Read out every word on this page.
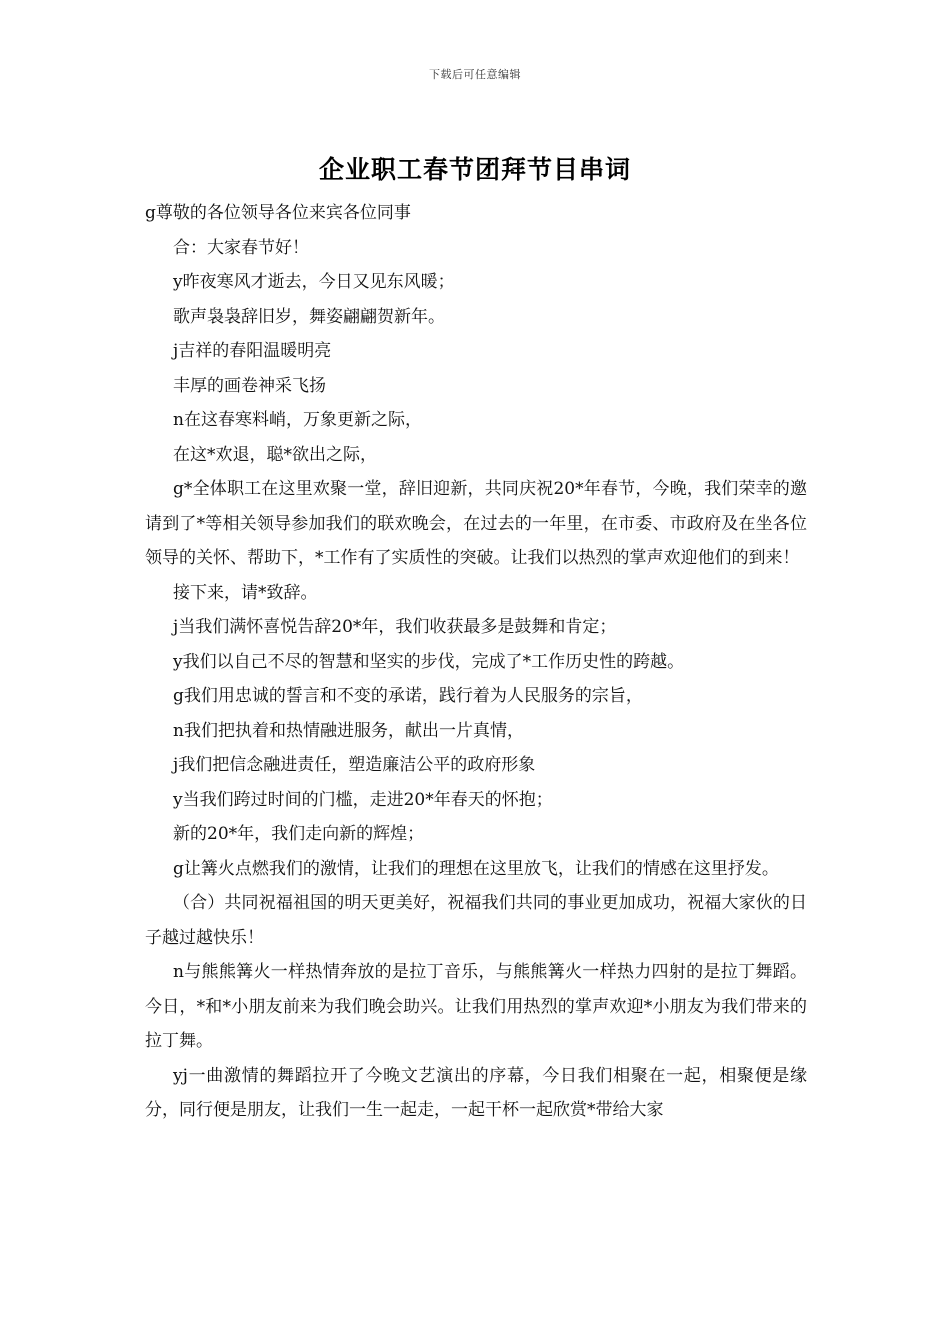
下载后可任意编辑
企业职工春节团拜节目串词

g尊敬的各位领导各位来宾各位同事

合：大家春节好！

y昨夜寒风才逝去，今日又见东风暖；

歌声袅袅辞旧岁，舞姿翩翩贺新年。

j吉祥的春阳温暖明亮

丰厚的画卷神采飞扬

n在这春寒料峭，万象更新之际，

在这*欢退，聪*欲出之际，

g*全体职工在这里欢聚一堂，辞旧迎新，共同庆祝20*年春节，今晚，我们荣幸的邀请到了*等相关领导参加我们的联欢晚会，在过去的一年里，在市委、市政府及在坐各位领导的关怀、帮助下，*工作有了实质性的突破。让我们以热烈的掌声欢迎他们的到来！

接下来，请*致辞。

j当我们满怀喜悦告辞20*年，我们收获最多是鼓舞和肯定；

y我们以自己不尽的智慧和坚实的步伐，完成了*工作历史性的跨越。

g我们用忠诚的誓言和不变的承诺，践行着为人民服务的宗旨，

n我们把执着和热情融进服务，献出一片真情，

j我们把信念融进责任，塑造廉洁公平的政府形象

y当我们跨过时间的门槛，走进20*年春天的怀抱；

新的20*年，我们走向新的辉煌；

g让篝火点燃我们的激情，让我们的理想在这里放飞，让我们的情感在这里抒发。

（合）共同祝福祖国的明天更美好，祝福我们共同的事业更加成功，祝福大家伙的日子越过越快乐！

n与熊熊篝火一样热情奔放的是拉丁音乐，与熊熊篝火一样热力四射的是拉丁舞蹈。今日，*和*小朋友前来为我们晚会助兴。让我们用热烈的掌声欢迎*小朋友为我们带来的拉丁舞。

yj一曲激情的舞蹈拉开了今晚文艺演出的序幕，今日我们相聚在一起，相聚便是缘分，同行便是朋友，让我们一生一起走，一起干杯一起欣赏*带给大家
